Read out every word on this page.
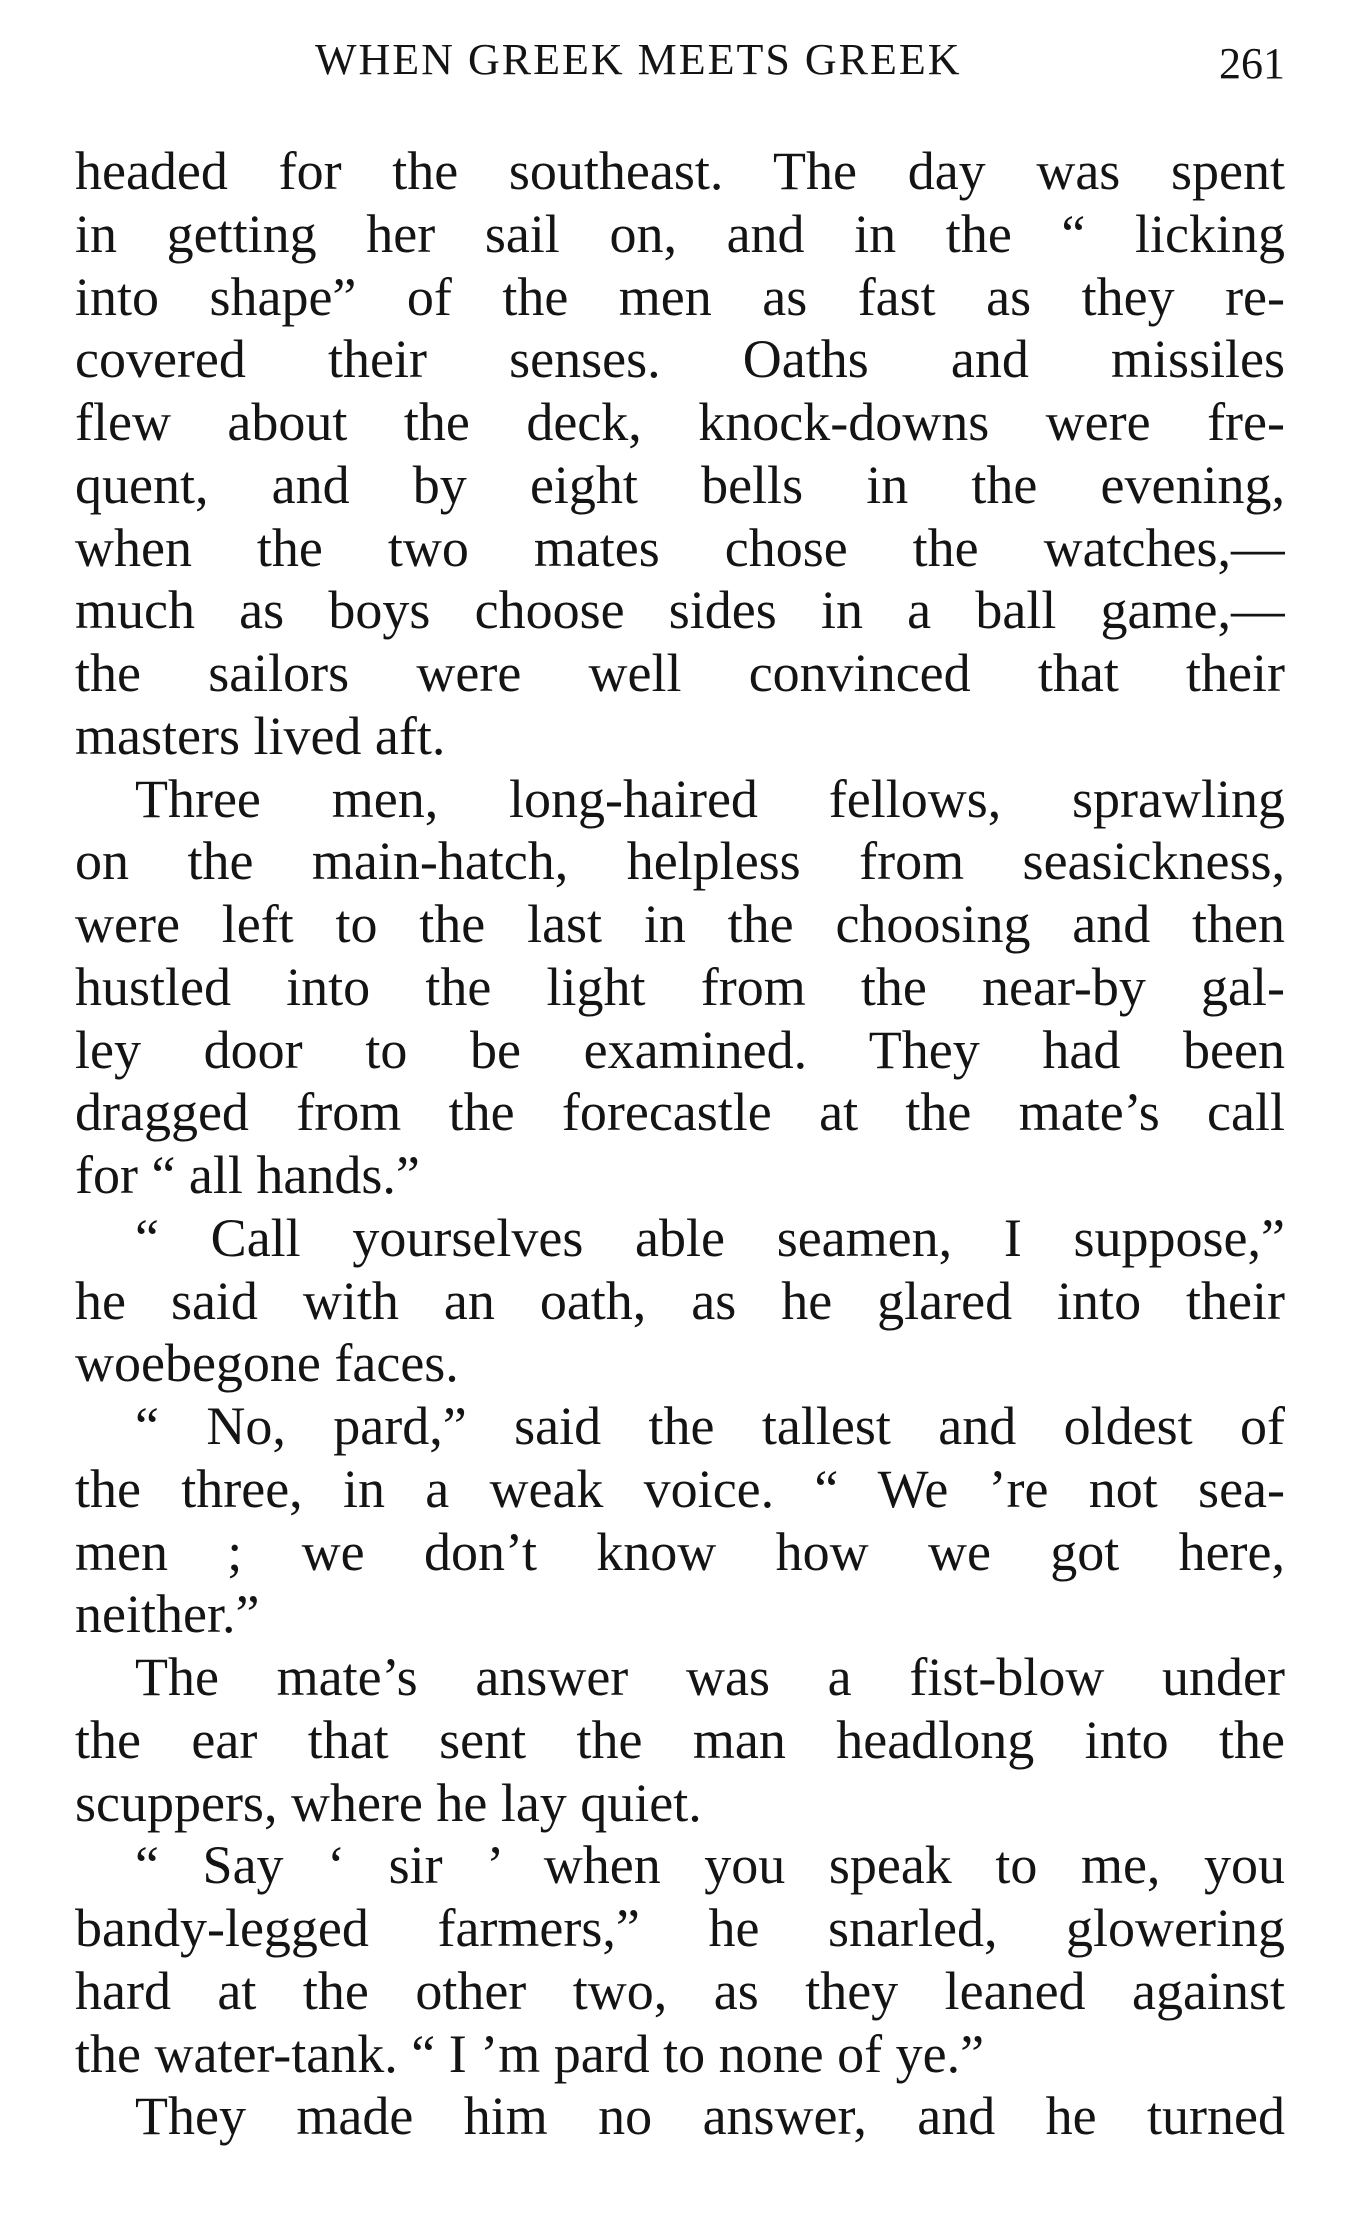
WHEN GREEK MEETS GREEK	261
headed for the southeast. The day was spent
in getting her sail on, and in the “ licking
into shape” of the men as fast as they re-
covered their senses. Oaths and missiles
flew about the deck, knock-downs were fre-
quent, and by eight bells in the evening,
when the two mates chose the watches,—
much as boys choose sides in a ball game,—
the sailors were well convinced that their
masters lived aft.
Three men, long-haired fellows, sprawling
on the main-hatch, helpless from seasickness,
were left to the last in the choosing and then
hustled into the light from the near-by gal-
ley door to be examined. They had been
dragged from the forecastle at the mate’s call
for “ all hands.”
“ Call yourselves able seamen, I suppose,”
he said with an oath, as he glared into their
woebegone faces.
“ No, pard,” said the tallest and oldest of
the three, in a weak voice. “ We ’re not sea-
men ; we don’t know how we got here,
neither.”
The mate’s answer was a fist-blow under
the ear that sent the man headlong into the
scuppers, where he lay quiet.
“ Say ‘ sir ’ when you speak to me, you
bandy-legged farmers,” he snarled, glowering
hard at the other two, as they leaned against
the water-tank. “ I ’m pard to none of ye.”
They made him no answer, and he turned
